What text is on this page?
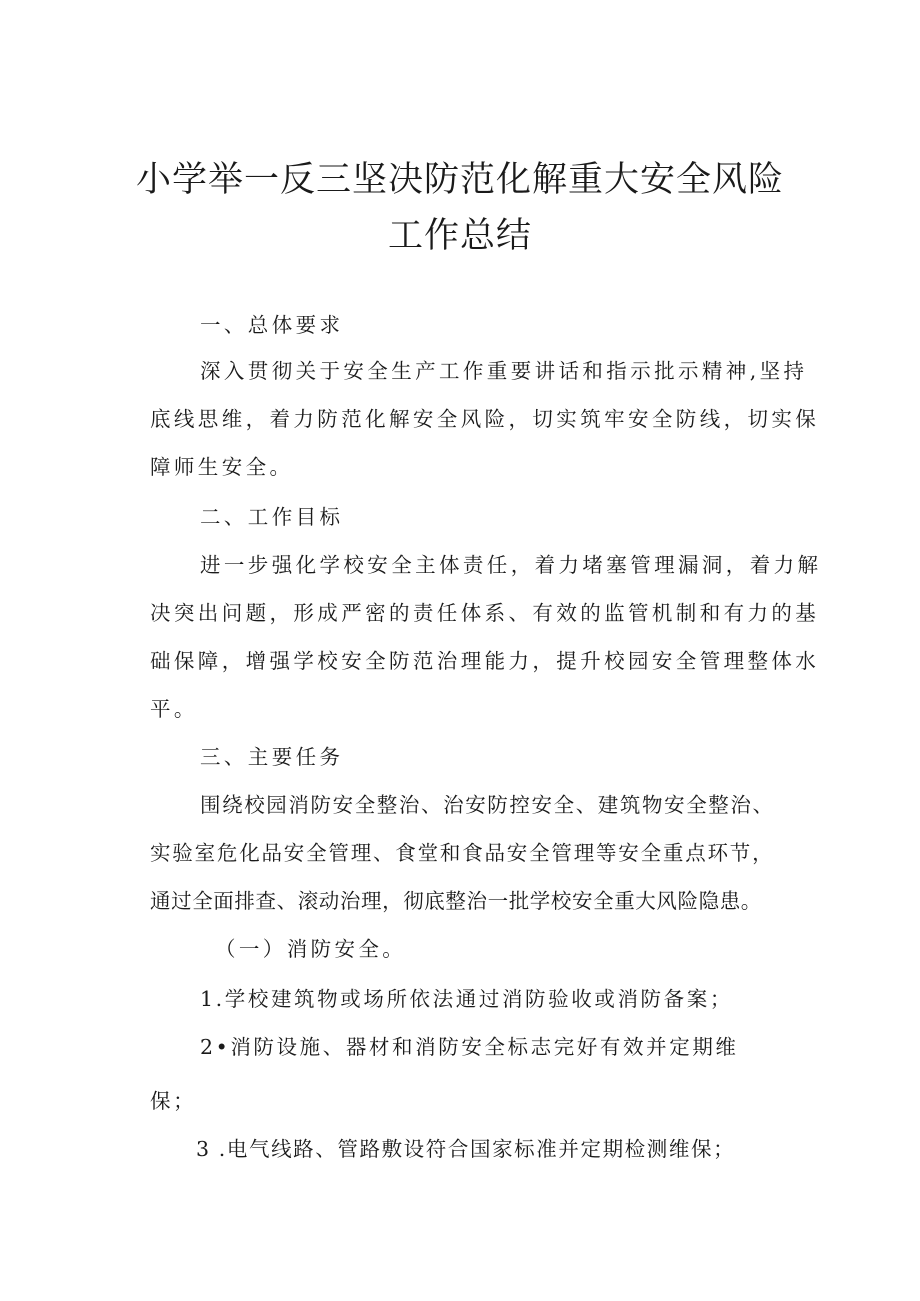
小学举一反三坚决防范化解重大安全风险
工作总结
一、总体要求
深入贯彻关于安全生产工作重要讲话和指示批示精神,坚持
底线思维，着力防范化解安全风险，切实筑牢安全防线，切实保
障师生安全。
二、工作目标
进一步强化学校安全主体责任，着力堵塞管理漏洞，着力解
决突出问题，形成严密的责任体系、有效的监管机制和有力的基
础保障，增强学校安全防范治理能力，提升校园安全管理整体水
平。
三、主要任务
围绕校园消防安全整治、治安防控安全、建筑物安全整治、
实验室危化品安全管理、食堂和食品安全管理等安全重点环节，
通过全面排查、滚动治理，彻底整治一批学校安全重大风险隐患。
（一）消防安全。
1.学校建筑物或场所依法通过消防验收或消防备案；
2•消防设施、器材和消防安全标志完好有效并定期维
保；
3 .电气线路、管路敷设符合国家标准并定期检测维保；
